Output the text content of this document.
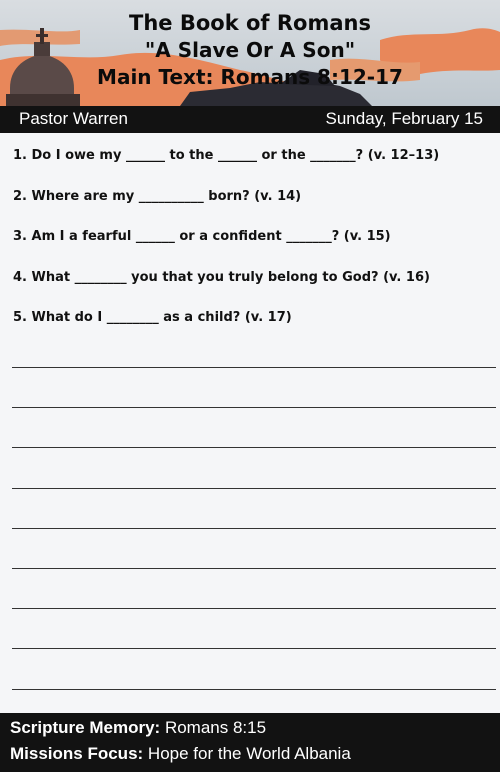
The Book of Romans
"A Slave Or A Son"
Main Text: Romans 8:12-17
Pastor Warren	Sunday, February 15
1. Do I owe my ______ to the ______ or the _______? (v. 12–13)
2. Where are my __________ born? (v. 14)
3. Am I a fearful ______ or a confident _______? (v. 15)
4. What ________ you that you truly belong to God? (v. 16)
5. What do I ________ as a child? (v. 17)
Scripture Memory: Romans 8:15
Missions Focus: Hope for the World Albania
